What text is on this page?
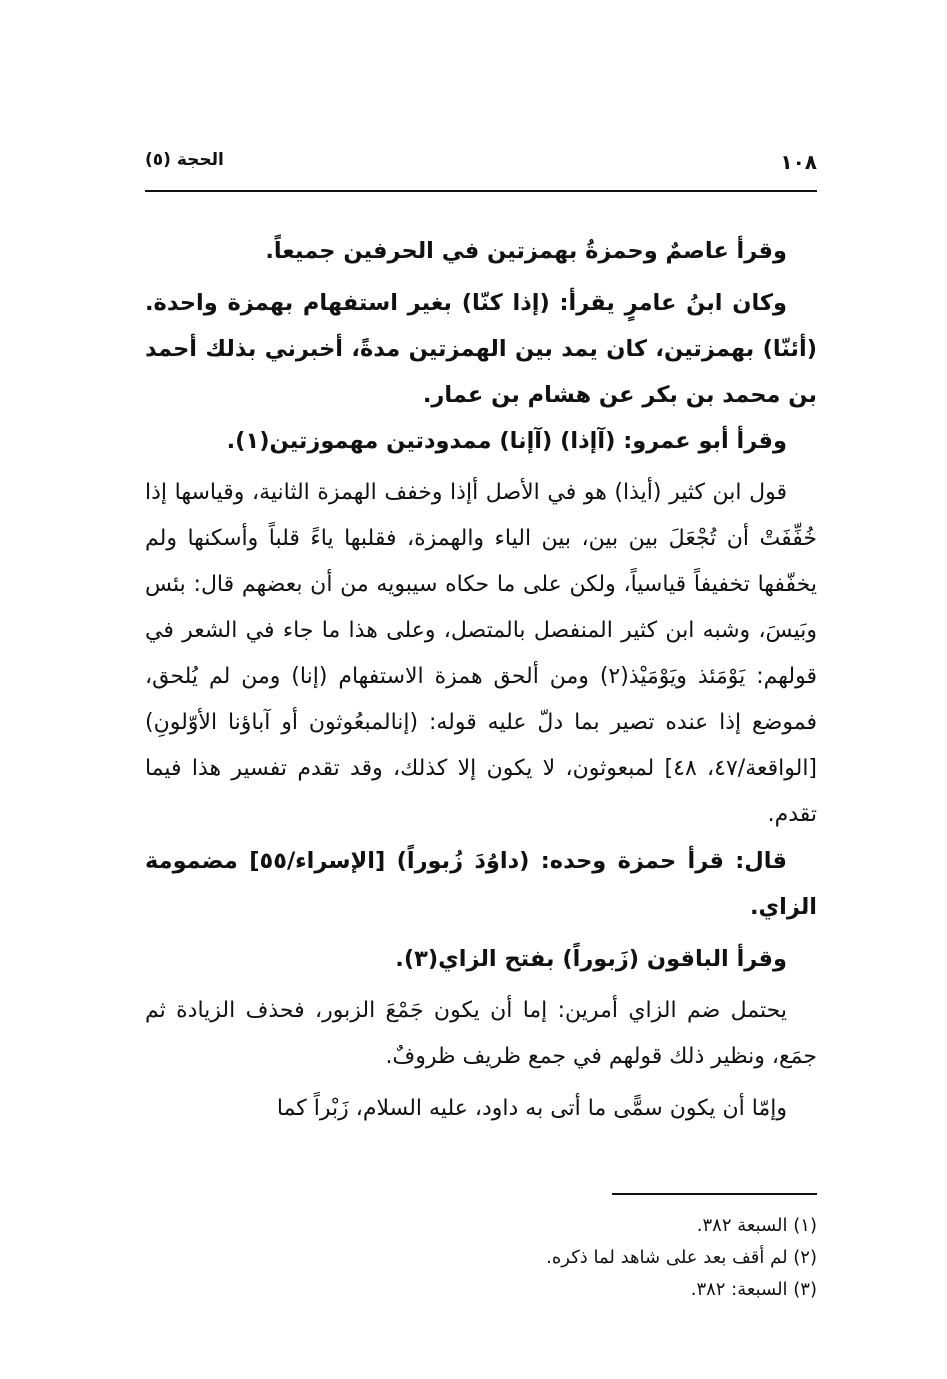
١٠٨
الحجة (٥)

وقرأ عاصمٌ وحمزةُ بهمزتين في الحرفين جميعاً.

وكان ابنُ عامرٍ يقرأ: (إذا كنّا) بغير استفهام بهمزة واحدة. (أئنّا) بهمزتين، كان يمد بين الهمزتين مدةً، أخبرني بذلك أحمد بن محمد بن بكر عن هشام بن عمار.

وقرأ أبو عمرو: (آإذا) (آإنا) ممدودتين مهموزتين(١).

قول ابن كثير (أيذا) هو في الأصل أإذا وخفف الهمزة الثانية، وقياسها إذا خُفِّفَتْ أن تُجْعَلَ بين بين، بين الياء والهمزة، فقلبها ياءً قلباً وأسكنها ولم يخفّفها تخفيفاً قياسياً، ولكن على ما حكاه سيبويه من أن بعضهم قال: بئس وبَيسَ، وشبه ابن كثير المنفصل بالمتصل، وعلى هذا ما جاء في الشعر في قولهم: يَوْمَئذ ويَوْمَيْذ(٢) ومن ألحق همزة الاستفهام (إنا) ومن لم يُلحق، فموضع إذا عنده تصير بما دلّ عليه قوله: (إنالمبعُوثون أو آباؤنا الأوّلونِ) [الواقعة/٤٧، ٤٨] لمبعوثون، لا يكون إلا كذلك، وقد تقدم تفسير هذا فيما تقدم.

قال: قرأ حمزة وحده: (داوُدَ زُبوراً) [الإسراء/٥٥] مضمومة الزاي.

وقرأ الباقون (زَبوراً) بفتح الزاي(٣).

يحتمل ضم الزاي أمرين: إما أن يكون جَمْعَ الزبور، فحذف الزيادة ثم جمَع، ونظير ذلك قولهم في جمع ظريف ظروفٌ.

وإمّا أن يكون سمًّى ما أتى به داود، عليه السلام، زَبْراً كما

(١) السبعة ٣٨٢.

(٢) لم أقف بعد على شاهد لما ذكره.

(٣) السبعة: ٣٨٢.
